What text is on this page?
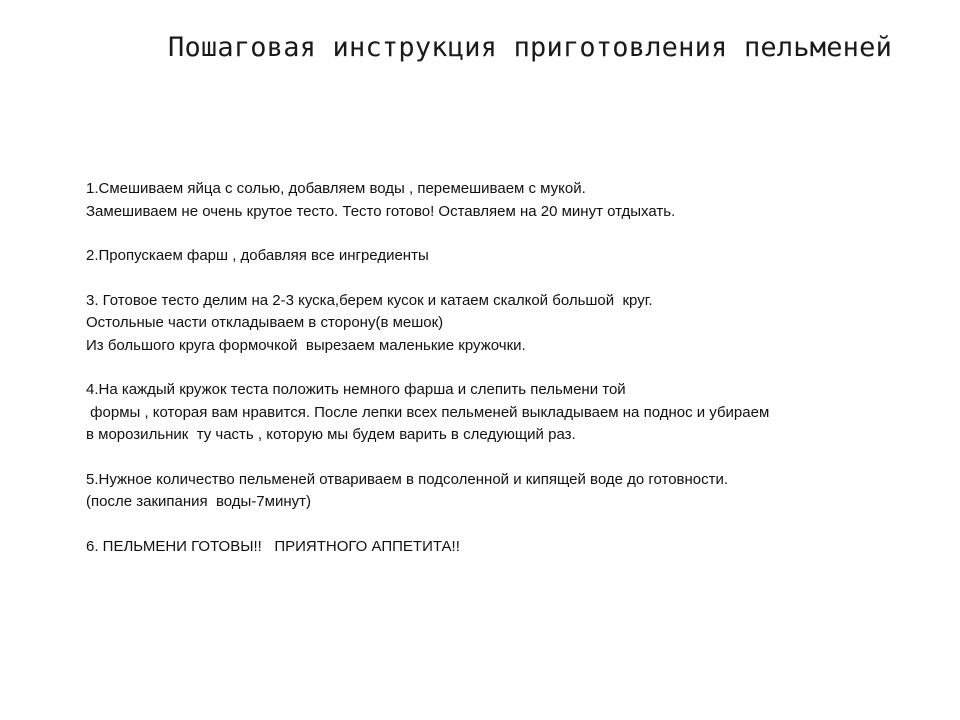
Пошаговая инструкция приготовления пельменей
1.Смешиваем яйца с солью, добавляем воды , перемешиваем с мукой.
Замешиваем не очень крутое тесто. Тесто готово! Оставляем на 20 минут отдыхать.
2.Пропускаем фарш , добавляя все ингредиенты
3. Готовое тесто делим на 2-3 куска,берем кусок и катаем скалкой большой  круг.
Остольные части откладываем в сторону(в мешок)
Из большого круга формочкой  вырезаем маленькие кружочки.
4.На каждый кружок теста положить немного фарша и слепить пельмени той
формы , которая вам нравится. После лепки всех пельменей выкладываем на поднос и убираем
в морозильник  ту часть , которую мы будем варить в следующий раз.
5.Нужное количество пельменей отвариваем в подсоленной и кипящей воде до готовности.
(после закипания  воды-7минут)
6. ПЕЛЬМЕНИ ГОТОВЫ!!   ПРИЯТНОГО АППЕТИТА!!
